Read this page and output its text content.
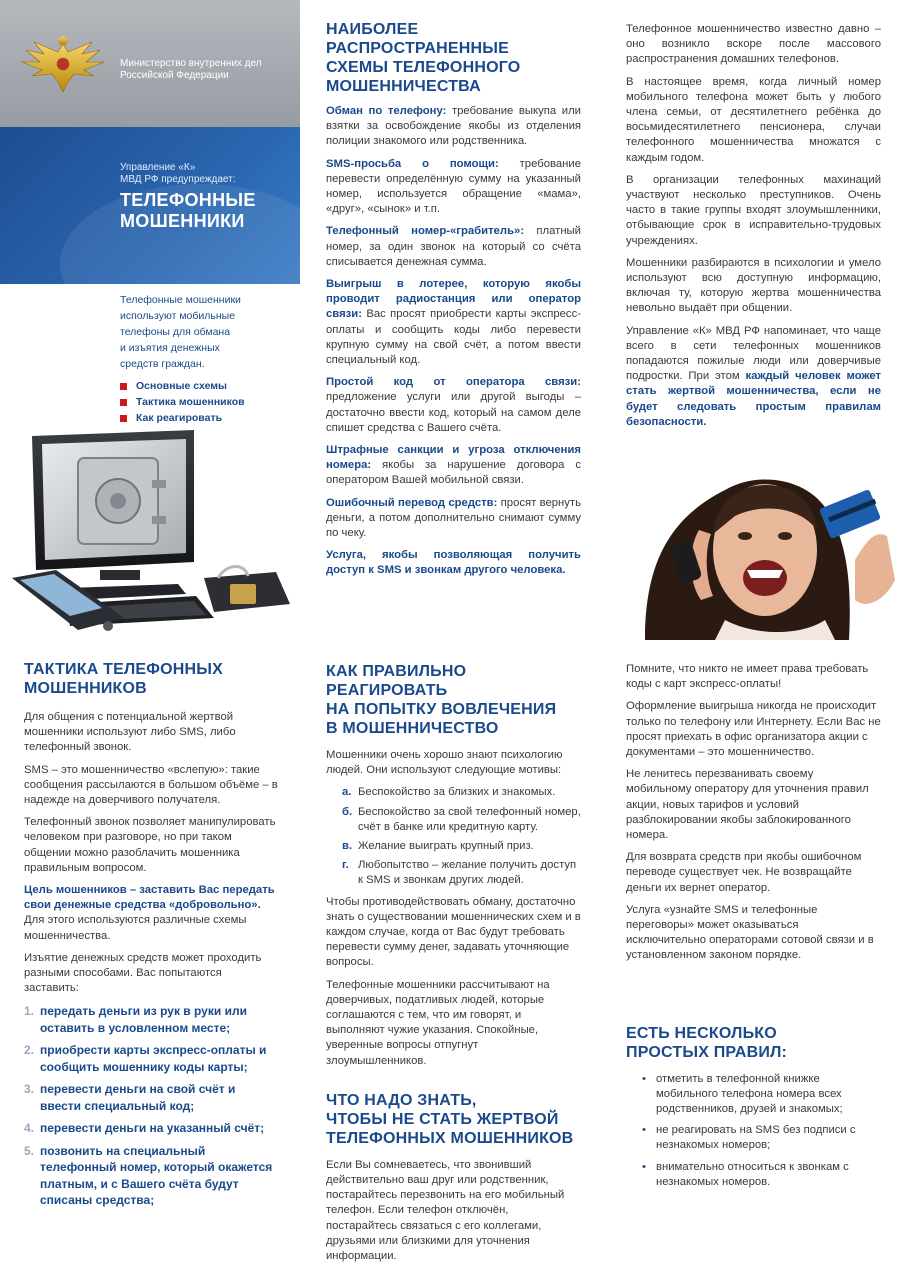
Министерство внутренних дел
Российской Федерации
Управление «К»
МВД РФ предупреждает:
ТЕЛЕФОННЫЕ
МОШЕННИКИ
Телефонные мошенники
используют мобильные
телефоны для обмана
и изъятия денежных
средств граждан.
Основные схемы
Тактика мошенников
Как реагировать
НАИБОЛЕЕ РАСПРОСТРАНЕННЫЕ
СХЕМЫ ТЕЛЕФОННОГО
МОШЕННИЧЕСТВА

Обман по телефону: требование выкупа или взятки за освобождение якобы из отделения полиции знакомого или родственника.

SMS-просьба о помощи: требование перевести определённую сумму на указанный номер, используется обращение «мама», «друг», «сынок» и т.п.

Телефонный номер-«грабитель»: платный номер, за один звонок на который со счёта списывается денежная сумма.

Выигрыш в лотерее, которую якобы проводит радиостанция или оператор связи: Вас просят приобрести карты экспресс-оплаты и сообщить коды либо перевести крупную сумму на свой счёт, а потом ввести специальный код.

Простой код от оператора связи: предложение услуги или другой выгоды – достаточно ввести код, который на самом деле спишет средства с Вашего счёта.

Штрафные санкции и угроза отключения номера: якобы за нарушение договора с оператором Вашей мобильной связи.

Ошибочный перевод средств: просят вернуть деньги, а потом дополнительно снимают сумму по чеку.

Услуга, якобы позволяющая получить доступ к SMS и звонкам другого человека.

Телефонное мошенничество известно давно – оно возникло вскоре после массового распространения домашних телефонов.

В настоящее время, когда личный номер мобильного телефона может быть у любого члена семьи, от десятилетнего ребёнка до восьмидесятилетнего пенсионера, случаи телефонного мошенничества множатся с каждым годом.

В организации телефонных махинаций участвуют несколько преступников. Очень часто в такие группы входят злоумышленники, отбывающие срок в исправительно-трудовых учреждениях.

Мошенники разбираются в психологии и умело используют всю доступную информацию, включая ту, которую жертва мошенничества невольно выдаёт при общении.

Управление «К» МВД РФ напоминает, что чаще всего в сети телефонных мошенников попадаются пожилые люди или доверчивые подростки. При этом каждый человек может стать жертвой мошенничества, если не будет следовать простым правилам безопасности.

ТАКТИКА ТЕЛЕФОННЫХ
МОШЕННИКОВ

Для общения с потенциальной жертвой мошенники используют либо SMS, либо телефонный звонок.

SMS – это мошенничество «вслепую»: такие сообщения рассылаются в большом объёме – в надежде на доверчивого получателя.

Телефонный звонок позволяет манипулировать человеком при разговоре, но при таком общении можно разоблачить мошенника правильным вопросом.

Цель мошенников – заставить Вас передать свои денежные средства «добровольно». Для этого используются различные схемы мошенничества.

Изъятие денежных средств может проходить разными способами. Вас попытаются заставить:

1. передать деньги из рук в руки или оставить в условленном месте;
2. приобрести карты экспресс-оплаты и сообщить мошеннику коды карты;
3. перевести деньги на свой счёт и ввести специальный код;
4. перевести деньги на указанный счёт;
5. позвонить на специальный телефонный номер, который окажется платным, и с Вашего счёта будут списаны средства;
КАК ПРАВИЛЬНО РЕАГИРОВАТЬ
НА ПОПЫТКУ ВОВЛЕЧЕНИЯ
В МОШЕННИЧЕСТВО

Мошенники очень хорошо знают психологию людей. Они используют следующие мотивы:

а. Беспокойство за близких и знакомых.
б. Беспокойство за свой телефонный номер, счёт в банке или кредитную карту.
в. Желание выиграть крупный приз.
г. Любопытство – желание получить доступ к SMS и звонкам других людей.

Чтобы противодействовать обману, достаточно знать о существовании мошеннических схем и в каждом случае, когда от Вас будут требовать перевести сумму денег, задавать уточняющие вопросы.

Телефонные мошенники рассчитывают на доверчивых, податливых людей, которые соглашаются с тем, что им говорят, и выполняют чужие указания. Спокойные, уверенные вопросы отпугнут злоумышленников.

ЧТО НАДО ЗНАТЬ,
ЧТОБЫ НЕ СТАТЬ ЖЕРТВОЙ
ТЕЛЕФОННЫХ МОШЕННИКОВ

Если Вы сомневаетесь, что звонивший действительно ваш друг или родственник, постарайтесь перезвонить на его мобильный телефон. Если телефон отключён, постарайтесь связаться с его коллегами, друзьями или близкими для уточнения информации.

Помните, что никто не имеет права требовать коды с карт экспресс-оплаты!

Оформление выигрыша никогда не происходит только по телефону или Интернету. Если Вас не просят приехать в офис организатора акции с документами – это мошенничество.

Не ленитесь перезванивать своему мобильному оператору для уточнения правил акции, новых тарифов и условий разблокировании якобы заблокированного номера.

Для возврата средств при якобы ошибочном переводе существует чек. Не возвращайте деньги их вернет оператор.

Услуга «узнайте SMS и телефонные переговоры» может оказываться исключительно операторами сотовой связи и в установленном законом порядке.

ЕСТЬ НЕСКОЛЬКО
ПРОСТЫХ ПРАВИЛ:
• отметить в телефонной книжке мобильного телефона номера всех родственников, друзей и знакомых;
• не реагировать на SMS без подписи с незнакомых номеров;
• внимательно относиться к звонкам с незнакомых номеров.
